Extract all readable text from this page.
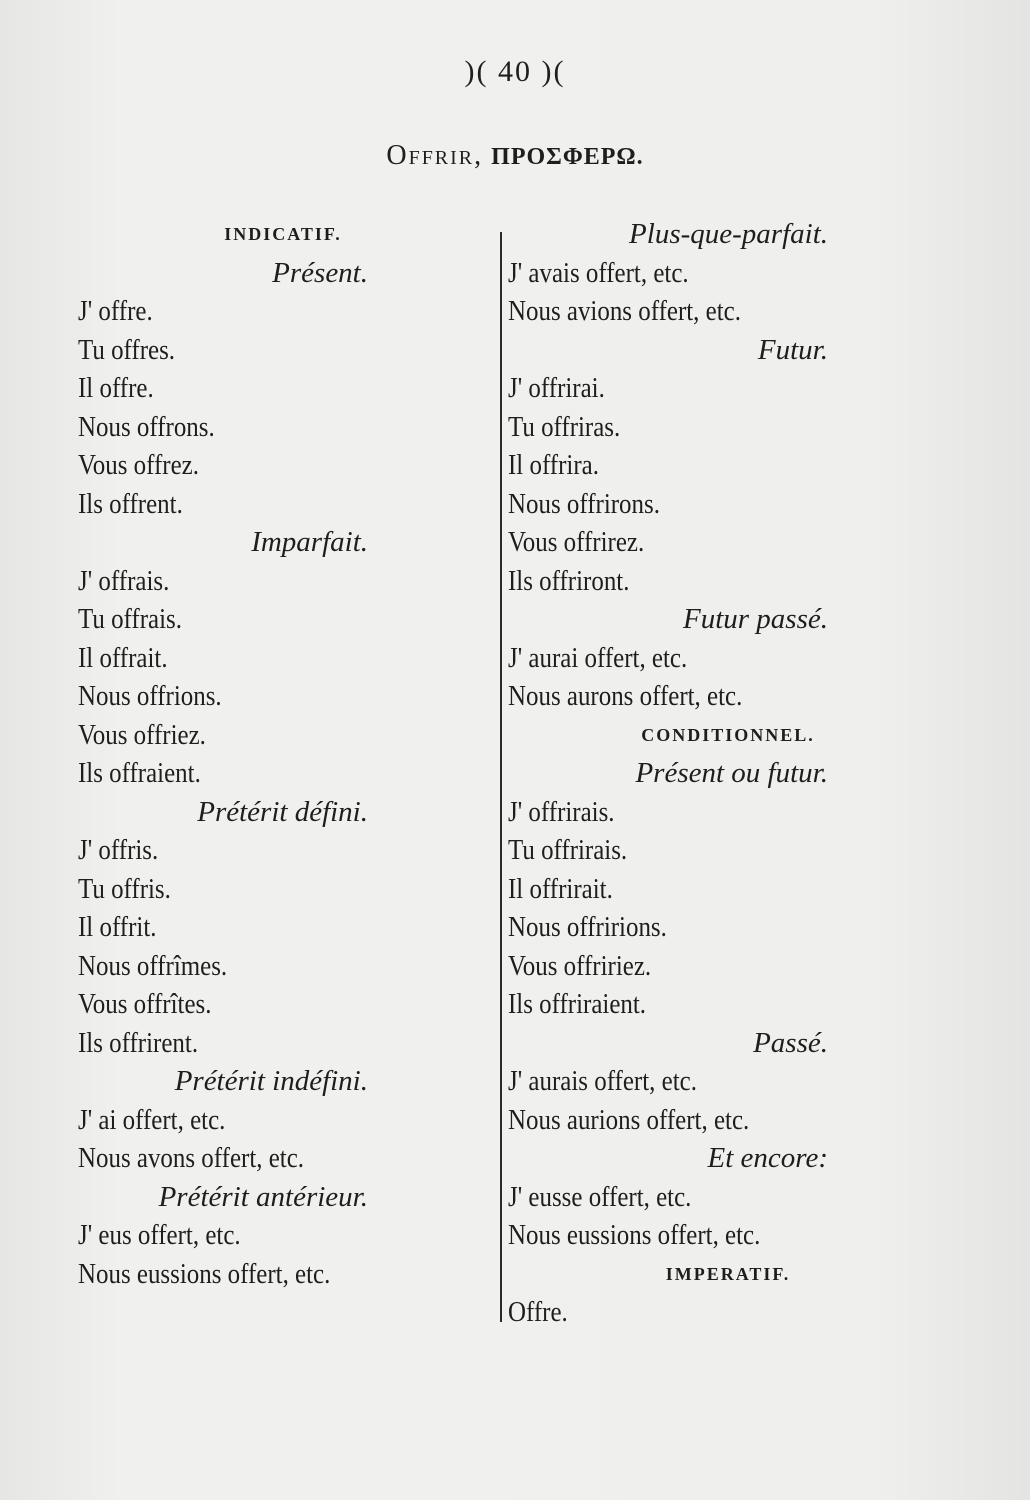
)( 40 )(
Offrir, ΠΡΟΣΦΕΡΩ.
INDICATIF.
Présent.
J' offre.
Tu offres.
Il offre.
Nous offrons.
Vous offrez.
Ils offrent.
Imparfait.
J' offrais.
Tu offrais.
Il offrait.
Nous offrions.
Vous offriez.
Ils offraient.
Prétérit défini.
J' offris.
Tu offris.
Il offrit.
Nous offrîmes.
Vous offrîtes.
Ils offrirent.
Prétérit indéfini.
J' ai offert, etc.
Nous avons offert, etc.
Prétérit antérieur.
J' eus offert, etc.
Nous eussions offert, etc.
Plus-que-parfait.
J' avais offert, etc.
Nous avions offert, etc.
Futur.
J' offrirai.
Tu offriras.
Il offrira.
Nous offrirons.
Vous offrirez.
Ils offriront.
Futur passé.
J' aurai offert, etc.
Nous aurons offert, etc.
CONDITIONNEL.
Présent ou futur.
J' offrirais.
Tu offrirais.
Il offrirait.
Nous offririons.
Vous offririez.
Ils offriraient.
Passé.
J' aurais offert, etc.
Nous aurions offert, etc.
Et encore:
J' eusse offert, etc.
Nous eussions offert, etc.
IMPERATIF.
Offre.
